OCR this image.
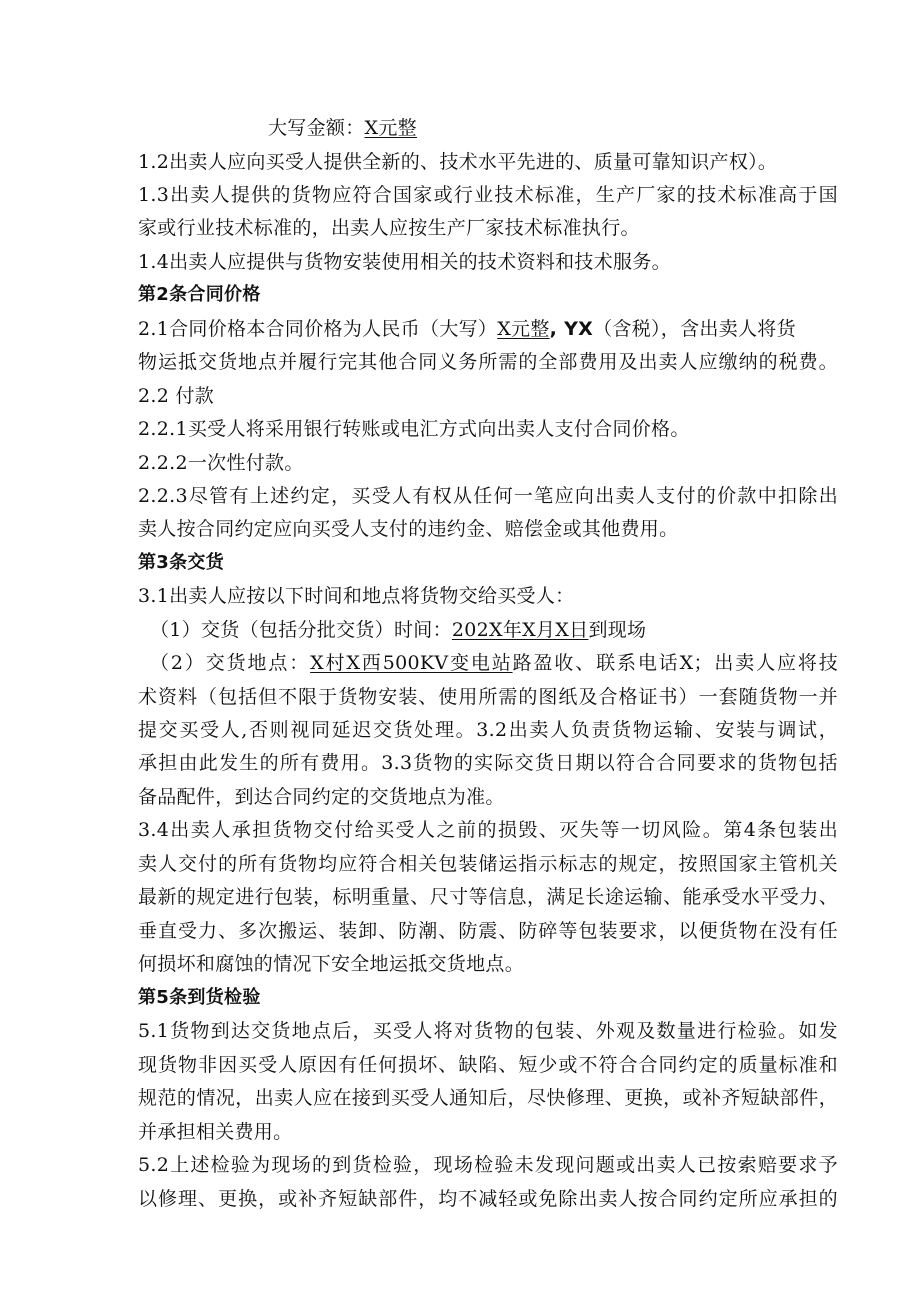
大写金额：X元整
1.2出卖人应向买受人提供全新的、技术水平先进的、质量可靠知识产权）。
1.3出卖人提供的货物应符合国家或行业技术标准，生产厂家的技术标准高于国
家或行业技术标准的，出卖人应按生产厂家技术标准执行。
1.4出卖人应提供与货物安装使用相关的技术资料和技术服务。
第2条合同价格
2.1合同价格本合同价格为人民币（大写）X元整, YX（含税），含出卖人将货
物运抵交货地点并履行完其他合同义务所需的全部费用及出卖人应缴纳的税费。
2.2 付款
2.2.1买受人将采用银行转账或电汇方式向出卖人支付合同价格。
2.2.2一次性付款。
2.2.3尽管有上述约定，买受人有权从任何一笔应向出卖人支付的价款中扣除出
卖人按合同约定应向买受人支付的违约金、赔偿金或其他费用。
第3条交货
3.1出卖人应按以下时间和地点将货物交给买受人：
（1）交货（包括分批交货）时间：202X年X月X日到现场
（2）交货地点：X村X西500KV变电站路盈收、联系电话X；出卖人应将技
术资料（包括但不限于货物安装、使用所需的图纸及合格证书）一套随货物一并
提交买受人,否则视同延迟交货处理。3.2出卖人负责货物运输、安装与调试，
承担由此发生的所有费用。3.3货物的实际交货日期以符合合同要求的货物包括
备品配件，到达合同约定的交货地点为准。
3.4出卖人承担货物交付给买受人之前的损毁、灭失等一切风险。第4条包装出
卖人交付的所有货物均应符合相关包装储运指示标志的规定，按照国家主管机关
最新的规定进行包装，标明重量、尺寸等信息，满足长途运输、能承受水平受力、
垂直受力、多次搬运、装卸、防潮、防震、防碎等包装要求，以便货物在没有任
何损坏和腐蚀的情况下安全地运抵交货地点。
第5条到货检验
5.1货物到达交货地点后，买受人将对货物的包装、外观及数量进行检验。如发
现货物非因买受人原因有任何损坏、缺陷、短少或不符合合同约定的质量标准和
规范的情况，出卖人应在接到买受人通知后，尽快修理、更换，或补齐短缺部件，
并承担相关费用。
5.2上述检验为现场的到货检验，现场检验未发现问题或出卖人已按索赔要求予
以修理、更换，或补齐短缺部件，均不减轻或免除出卖人按合同约定所应承担的
